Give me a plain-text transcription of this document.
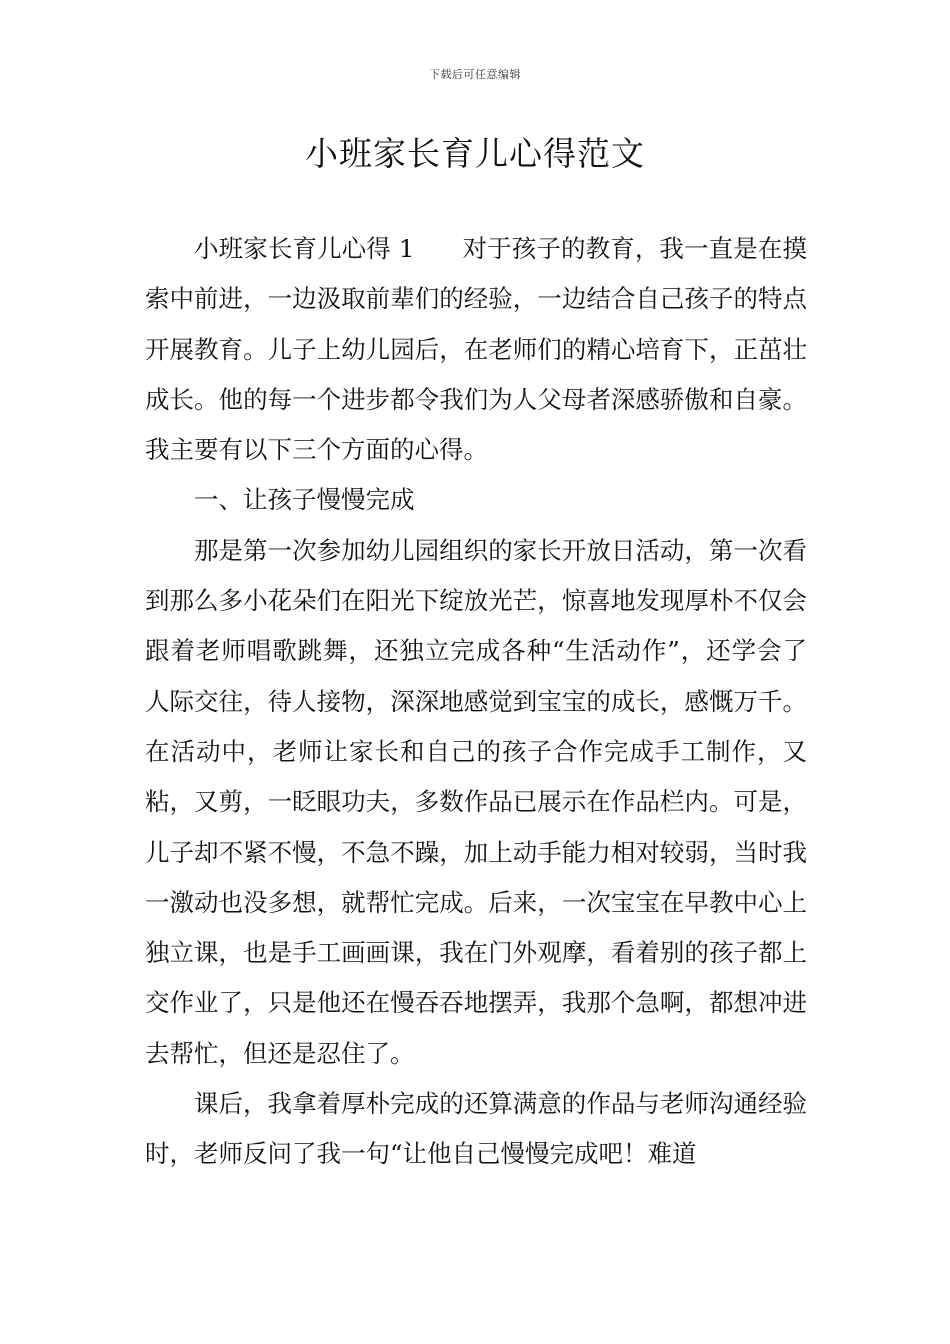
下载后可任意编辑
小班家长育儿心得范文

小班家长育儿心得 1 对于孩子的教育，我一直是在摸索中前进，一边汲取前辈们的经验，一边结合自己孩子的特点开展教育。儿子上幼儿园后，在老师们的精心培育下，正茁壮成长。他的每一个进步都令我们为人父母者深感骄傲和自豪。我主要有以下三个方面的心得。

一、让孩子慢慢完成

那是第一次参加幼儿园组织的家长开放日活动，第一次看到那么多小花朵们在阳光下绽放光芒，惊喜地发现厚朴不仅会跟着老师唱歌跳舞，还独立完成各种“生活动作”，还学会了人际交往，待人接物，深深地感觉到宝宝的成长，感慨万千。在活动中，老师让家长和自己的孩子合作完成手工制作，又粘，又剪，一眨眼功夫，多数作品已展示在作品栏内。可是，儿子却不紧不慢，不急不躁，加上动手能力相对较弱，当时我一激动也没多想，就帮忙完成。后来，一次宝宝在早教中心上独立课，也是手工画画课，我在门外观摩，看着别的孩子都上交作业了，只是他还在慢吞吞地摆弄，我那个急啊，都想冲进去帮忙，但还是忍住了。

课后，我拿着厚朴完成的还算满意的作品与老师沟通经验时，老师反问了我一句“让他自己慢慢完成吧！难道
